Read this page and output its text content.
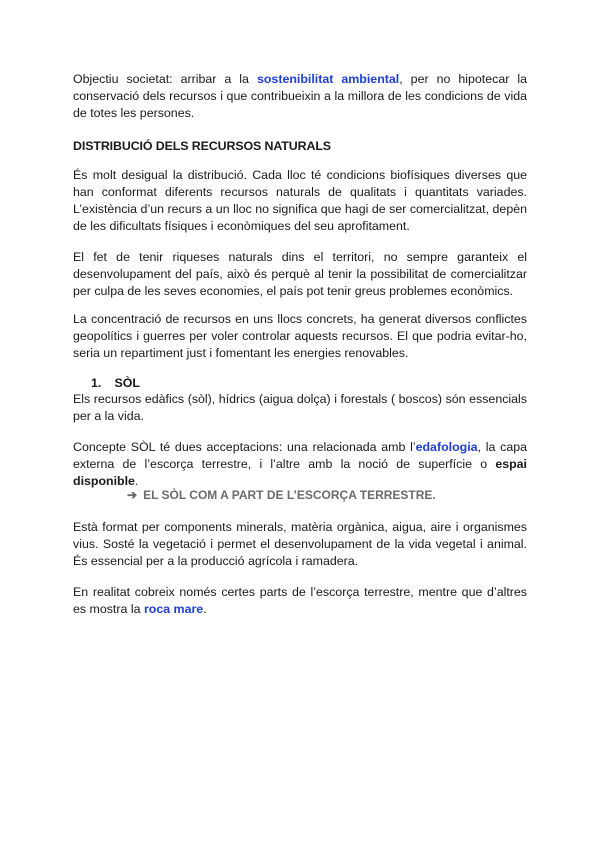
Objectiu societat: arribar a la sostenibilitat ambiental, per no hipotecar la conservació dels recursos i que contribueixin a la millora de les condicions de vida de totes les persones.

DISTRIBUCIÓ DELS RECURSOS NATURALS

És molt desigual la distribució. Cada lloc té condicions biofísiques diverses que han conformat diferents recursos naturals de qualitats i quantitats variades. L’existència d’un recurs a un lloc no significa que hagi de ser comercialitzat, depèn de les dificultats físiques i econòmiques del seu aprofitament.

El fet de tenir riqueses naturals dins el territori, no sempre garanteix el desenvolupament del país, això és perquè al tenir la possibilitat de comercialitzar per culpa de les seves economies, el país pot tenir greus problemes econòmics.

La concentració de recursos en uns llocs concrets, ha generat diversos conflictes geopolítics i guerres per voler controlar aquests recursos. El que podria evitar-ho, seria un repartiment just i fomentant les energies renovables.

1. SÒL

Els recursos edàfics (sòl), hídrics (aigua dolça) i forestals ( boscos) són essencials per a la vida.

Concepte SÒL té dues acceptacions: una relacionada amb l’edafologia, la capa externa de l’escorça terrestre, i l’altre amb la noció de superfície o espai disponible.

➔ EL SÒL COM A PART DE L’ESCORÇA TERRESTRE.

Està format per components minerals, matèria orgànica, aigua, aire i organismes vius. Sosté la vegetació i permet el desenvolupament de la vida vegetal i animal. És essencial per a la producció agrícola i ramadera.

En realitat cobreix només certes parts de l’escorça terrestre, mentre que d’altres es mostra la roca mare.
